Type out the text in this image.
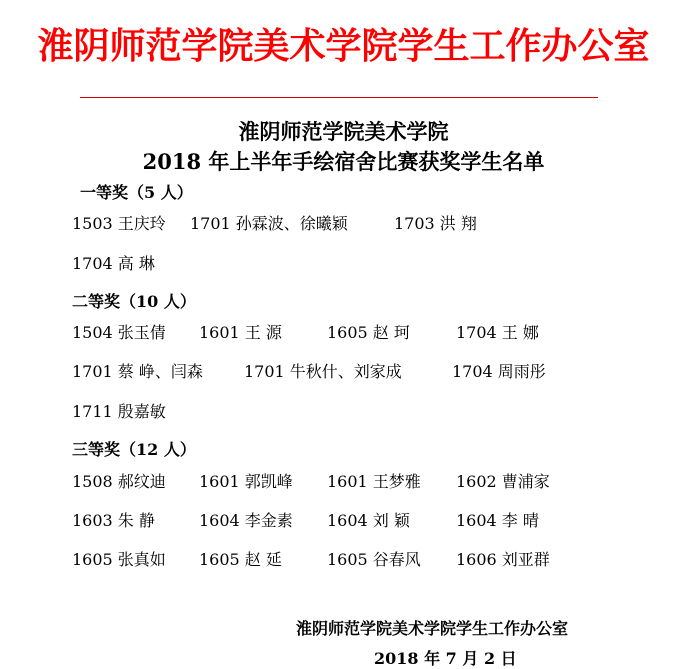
淮阴师范学院美术学院学生工作办公室
淮阴师范学院美术学院
2018 年上半年手绘宿舍比赛获奖学生名单
一等奖（5 人）
1503 王庆玲 1701 孙霖波、徐曦颖	1703 洪 翔
1704 高 琳
二等奖（10 人）
1504 张玉倩 1601 王 源	1605 赵 珂	1704 王 娜
1701 蔡 峥、闫森	1701 牛秋什、刘家成	1704 周雨彤
1711 殷嘉敏
三等奖（12 人）
1508 郝纹迪 1601 郭凯峰 1601 王梦雅 1602 曹浦家
1603 朱 静	1604 李金素 1604 刘 颖	1604 李 晴
1605 张真如 1605 赵 延	1605 谷春风 1606 刘亚群
淮阴师范学院美术学院学生工作办公室
2018 年 7 月 2 日
